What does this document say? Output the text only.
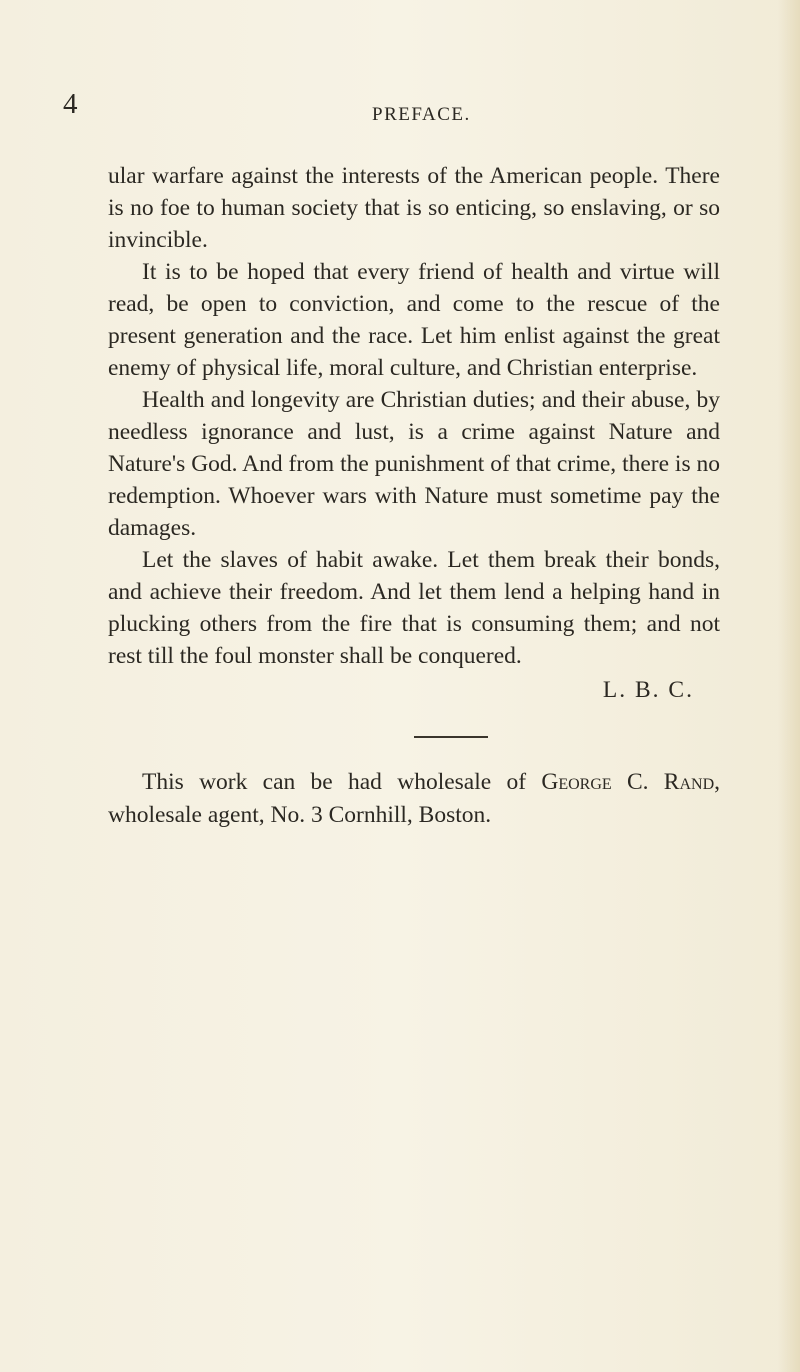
4	PREFACE.

ular warfare against the interests of the American people. There is no foe to human society that is so enticing, so enslaving, or so invincible.

It is to be hoped that every friend of health and virtue will read, be open to conviction, and come to the rescue of the present generation and the race. Let him enlist against the great enemy of physical life, moral culture, and Christian enterprise.

Health and longevity are Christian duties; and their abuse, by needless ignorance and lust, is a crime against Nature and Nature's God. And from the punishment of that crime, there is no redemption. Whoever wars with Nature must sometime pay the damages.

Let the slaves of habit awake. Let them break their bonds, and achieve their freedom. And let them lend a helping hand in plucking others from the fire that is consuming them; and not rest till the foul monster shall be conquered.

L. B. C.

This work can be had wholesale of George C. Rand, wholesale agent, No. 3 Cornhill, Boston.
